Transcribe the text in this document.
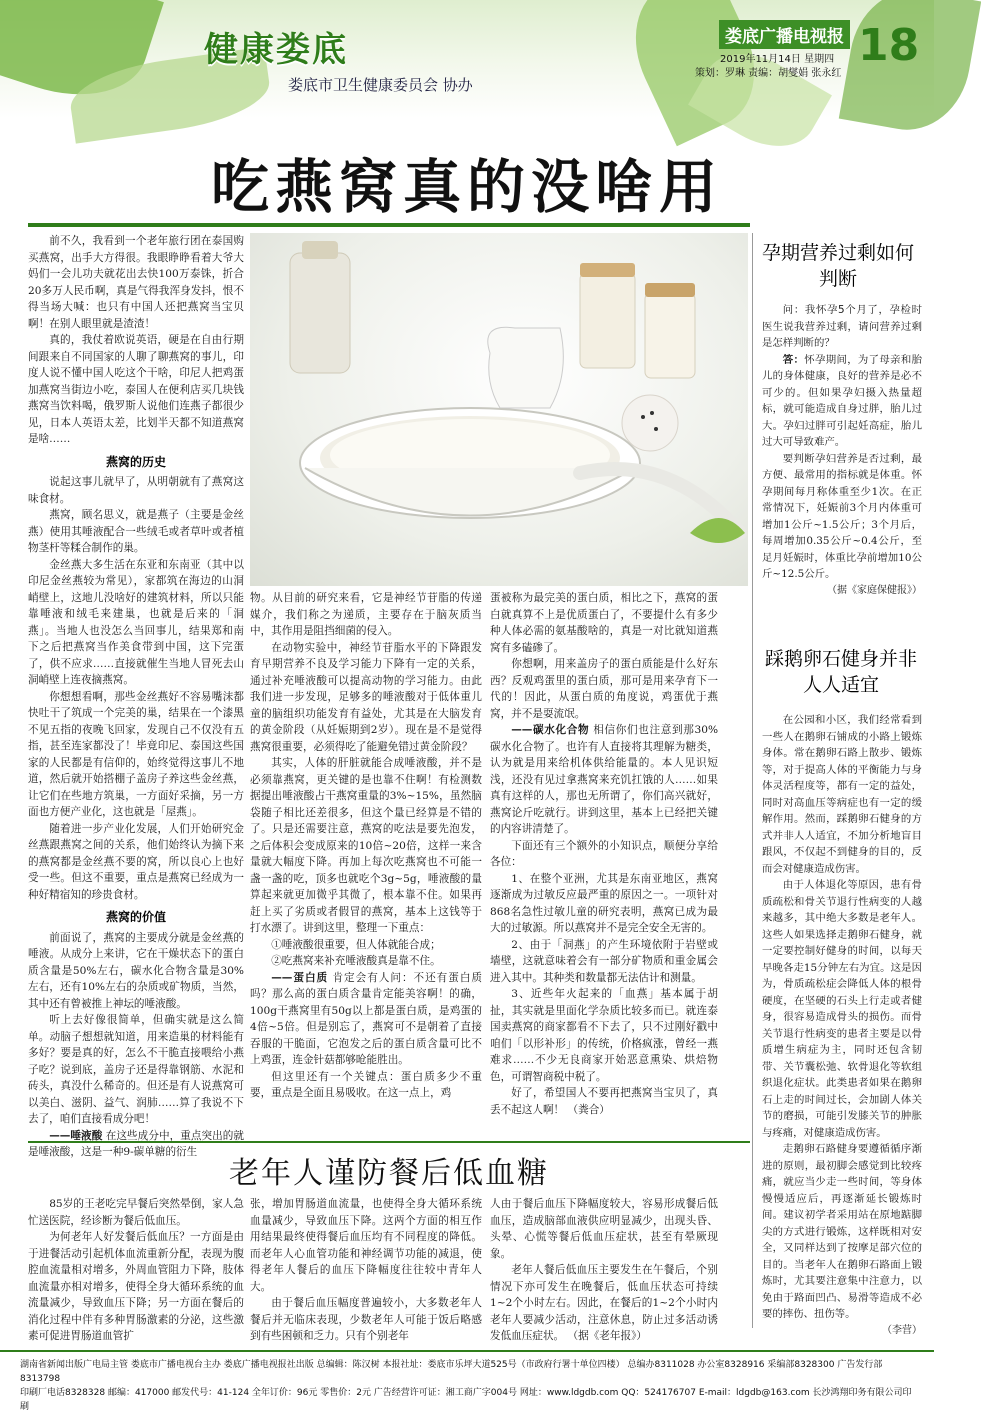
健康娄底
娄底市卫生健康委员会 协办
娄底广播电视报
2019年11月14日 星期四
策划：罗琳 责编：胡燮娟 张永红
18
吃燕窝真的没啥用

前不久，我看到一个老年旅行团在泰国购买燕窝，出手大方得很。我眼睁睁看着大爷大妈们一会儿功夫就花出去快100万泰铢，折合20多万人民币啊，真是气得我浑身发抖，恨不得当场大喊：也只有中国人还把燕窝当宝贝啊！在别人眼里就是渣渣！

真的，我仗着欧说英语，硬是在自由行期间跟来自不同国家的人聊了聊燕窝的事儿，印度人说不懂中国人吃这个干啥，印尼人把鸡蛋加燕窝当街边小吃，泰国人在便利店买几块钱燕窝当饮料喝，俄罗斯人说他们连燕子都很少见，日本人英语太差，比划半天都不知道燕窝是啥……

燕窝的历史

说起这事儿就早了，从明朝就有了燕窝这味食材。

燕窝，顾名思义，就是燕子（主要是金丝燕）使用其唾液配合一些绒毛或者草叶或者植物茎杆等糅合制作的巢。

金丝燕大多生活在东亚和东南亚（其中以印尼金丝燕较为常见），家都筑在海边的山洞峭壁上，这地儿没啥好的建筑材料，所以只能靠唾液和绒毛来建巢，也就是后来的「洞燕」。当地人也没怎么当回事儿，结果郑和南下之后把燕窝当作美食带到中国，这下完蛋了，供不应求……直接就催生当地人冒死去山洞峭壁上连夜摘燕窝。

你想想看啊，那些金丝燕好不容易嘴沫都快吐干了筑成一个完美的巢，结果在一个漆黑不见五指的夜晚飞回家，发现自己不仅没有五指，甚至连家都没了！毕竟印尼、泰国这些国家的人民都是有信仰的，始终觉得这事儿不地道，然后就开始搭棚子盖房子养这些金丝燕，让它们在些地方筑巢，一方面好采摘，另一方面也方便产业化，这也就是「屋燕」。

随着进一步产业化发展，人们开始研究金丝燕跟燕窝之间的关系，他们始终认为摘下来的燕窝都是金丝燕不要的窝，所以良心上也好受一些。但这不重要，重点是燕窝已经成为一种好精宿知的珍贵食材。

燕窝的价值

前面说了，燕窝的主要成分就是金丝燕的唾液。从成分上来讲，它在干燥状态下的蛋白质含量是50%左右，碳水化合物含量是30%左右，还有10%左右的杂质或矿物质，当然，其中还有曾被推上神坛的唾液酸。

听上去好像很简单，但确实就是这么简单。动脑子想想就知道，用来造巢的材料能有多好？要是真的好，怎么不干脆直接喂给小燕子吃？说到底，盖房子还是得靠钢筋、水泥和砖头，真没什么稀奇的。但还是有人说燕窝可以美白、滋阴、益气、润肺……算了我说不下去了，咱们直接看成分吧！

——唾液酸 在这些成分中，重点突出的就是唾液酸，这是一种9-碳单糖的衍生

物。从目前的研究来看，它是神经节苷脂的传递媒介，我们称之为递质，主要存在于脑灰质当中，其作用是阻挡细菌的侵入。

在动物实验中，神经节苷脂水平的下降跟发育早期营养不良及学习能力下降有一定的关系，通过补充唾液酸可以提高动物的学习能力。由此我们进一步发现，足够多的唾液酸对于低体重儿童的脑组织功能发育有益处，尤其是在大脑发育的黄金阶段（从妊娠期到2岁）。现在是不是觉得燕窝很重要，必须得吃了能避免错过黄金阶段？

其实，人体的肝脏就能合成唾液酸，并不是必须靠燕窝，更关键的是也靠不住啊！有检测数据提出唾液酸占干燕窝重量的3%~15%，虽然脑袋随子相比还差很多，但这个量已经算是不错的了。只是还需要注意，燕窝的吃法是要先泡发，之后体积会变成原来的10倍~20倍，这样一来含量就大幅度下降。再加上每次吃燕窝也不可能一盏一盏的吃，顶多也就吃个3g~5g，唾液酸的量算起来就更加微乎其微了，根本靠不住。如果再赶上买了劣质或者假冒的燕窝，基本上这钱等于打水漂了。讲到这里，整理一下重点：

①唾液酸很重要，但人体就能合成；

②吃燕窝来补充唾液酸真是靠不住。

——蛋白质 肯定会有人问：不还有蛋白质吗？那么高的蛋白质含量肯定能美容啊！的确，100g干燕窝里有50g以上都是蛋白质，是鸡蛋的4倍~5倍。但是别忘了，燕窝可不是朝着了直接吞服的干脆面，它泡发之后的蛋白质含量可比不上鸡蛋，连金针菇都够呛能胜出。

但这里还有一个关键点：蛋白质多少不重要，重点是全面且易吸收。在这一点上，鸡

蛋被称为最完美的蛋白质，相比之下，燕窝的蛋白就真算不上是优质蛋白了，不要提什么有多少种人体必需的氨基酸啥的，真是一对比就知道燕窝有多磕碜了。

你想啊，用来盖房子的蛋白质能是什么好东西？反观鸡蛋里的蛋白质，那可是用来孕育下一代的！因此，从蛋白质的角度说，鸡蛋优于燕窝，并不是耍流氓。

——碳水化合物 相信你们也注意到那30%碳水化合物了。也许有人直接将其理解为糖类，认为就是用来给机体供给能量的。本人见识短浅，还没有见过拿燕窝来充饥扛饿的人……如果真有这样的人，那也无所谓了，你们高兴就好，燕窝论斤吃就行。讲到这里，基本上已经把关键的内容讲清楚了。

下面还有三个额外的小知识点，顺便分享给各位：

1、在整个亚洲，尤其是东南亚地区，燕窝逐渐成为过敏反应最严重的原因之一。一项针对868名急性过敏儿童的研究表明，燕窝已成为最大的过敏源。所以燕窝并不是完全安全无害的。

2、由于「洞燕」的产生环境依附于岩壁或墙壁，这就意味着会有一部分矿物质和重金属会进入其中。其种类和数量都无法估计和测量。

3、近些年火起来的「血燕」基本属于胡扯，其实就是里面化学杂质比较多而已。就连泰国卖燕窝的商家都看不下去了，只不过刚好戳中咱们「以形补形」的传统，价格疯涨，曾经一燕难求……不少无良商家开始恶意熏染、烘焙物色，可谓智商税中税了。

好了，希望国人不要再把燕窝当宝贝了，真丢不起这人啊！ （粪合）

孕期营养过剩如何判断

问：我怀孕5个月了，孕检时医生说我营养过剩，请问营养过剩是怎样判断的？

答：怀孕期间，为了母亲和胎儿的身体健康，良好的营养是必不可少的。但如果孕妇摄入热量超标，就可能造成自身过胖，胎儿过大。孕妇过胖可引起妊高症，胎儿过大可导致难产。

要判断孕妇营养是否过剩，最方便、最常用的指标就是体重。怀孕期间每月称体重至少1次。在正常情况下，妊娠前3个月内体重可增加1公斤~1.5公斤；3个月后，每周增加0.35公斤~0.4公斤，至足月妊娠时，体重比孕前增加10公斤~12.5公斤。

（据《家庭保健报》）

踩鹅卵石健身并非人人适宜

在公园和小区，我们经常看到一些人在鹅卵石铺成的小路上锻炼身体。常在鹅卵石路上散步、锻炼等，对于提高人体的平衡能力与身体灵活程度等，都有一定的益处，同时对高血压等病症也有一定的缓解作用。然而，踩鹅卵石健身的方式并非人人适宜，不加分析地盲目跟风，不仅起不到健身的目的，反而会对健康造成伤害。

由于人体退化等原因，患有骨质疏松和骨关节退行性病变的人越来越多，其中绝大多数是老年人。这些人如果选择走鹅卵石健身，就一定要控制好健身的时间，以每天早晚各走15分钟左右为宜。这是因为，骨质疏松症会降低人体的根骨硬度，在坚硬的石头上行走或者健身，很容易造成骨头的损伤。而骨关节退行性病变的患者主要是以骨质增生病症为主，同时还包含韧带、关节囊松弛、软骨退化等软组织退化症状。此类患者如果在鹅卵石上走的时间过长，会加剧人体关节的磨损，可能引发膝关节的肿胀与疼痛，对健康造成伤害。

走鹅卵石路健身要遵循循序渐进的原则，最初脚会感觉到比较疼痛，就应当少走一些时间，等身体慢慢适应后，再逐渐延长锻炼时间。建议初学者采用站在原地踮脚尖的方式进行锻炼，这样既相对安全，又同样达到了按摩足部穴位的目的。当老年人在鹅卵石路面上锻炼时，尤其要注意集中注意力，以免由于路面凹凸、易滑等造成不必要的摔伤、扭伤等。

（李营）

老年人谨防餐后低血糖

85岁的王老吃完早餐后突然晕倒，家人急忙送医院，经诊断为餐后低血压。

为何老年人好发餐后低血压？一方面是由于进餐活动引起机体血流重新分配，表现为腹腔血流量相对增多，外周血管阻力下降，肢体血流量亦相对增多，使得全身大循环系统的血流量减少，导致血压下降；另一方面在餐后的消化过程中伴有多种胃肠激素的分泌，这些激素可促进胃肠道血管扩

张，增加胃肠道血流量，也使得全身大循环系统血量减少，导致血压下降。这两个方面的相互作用结果最终使得餐后血压均有不同程度的降低。而老年人心血管功能和神经调节功能的减退，使得老年人餐后的血压下降幅度往往较中青年人大。

由于餐后血压幅度普遍较小，大多数老年人餐后并无临床表现，少数老年人可能于饭后略感到有些困顿和乏力。只有个别老年

人由于餐后血压下降幅度较大，容易形成餐后低血压，造成脑部血液供应明显减少，出现头昏、头晕、心慌等餐后低血压症状，甚至有晕厥现象。

老年人餐后低血压主要发生在午餐后，个别情况下亦可发生在晚餐后，低血压状态可持续1~2个小时左右。因此，在餐后的1~2个小时内老年人要减少活动，注意休息，防止过多活动诱发低血压症状。 （据《老年报》）

湖南省新闻出版广电局主管 娄底市广播电视台主办 娄底广播电视报社出版 总编辑：陈汉树 本报社址：娄底市乐坪大道525号（市政府行署十单位四楼） 总编办8311028 办公室8328916 采编部8328300 广告发行部8313798
印刷厂电话8328328 邮编：417000 邮发代号：41-124 全年订价：96元 零售价：2元 广告经营许可证：湘工商广字004号 网址：www.ldgdb.com QQ：524176707 E-mail：ldgdb@163.com 长沙鸿翔印务有限公司印刷
